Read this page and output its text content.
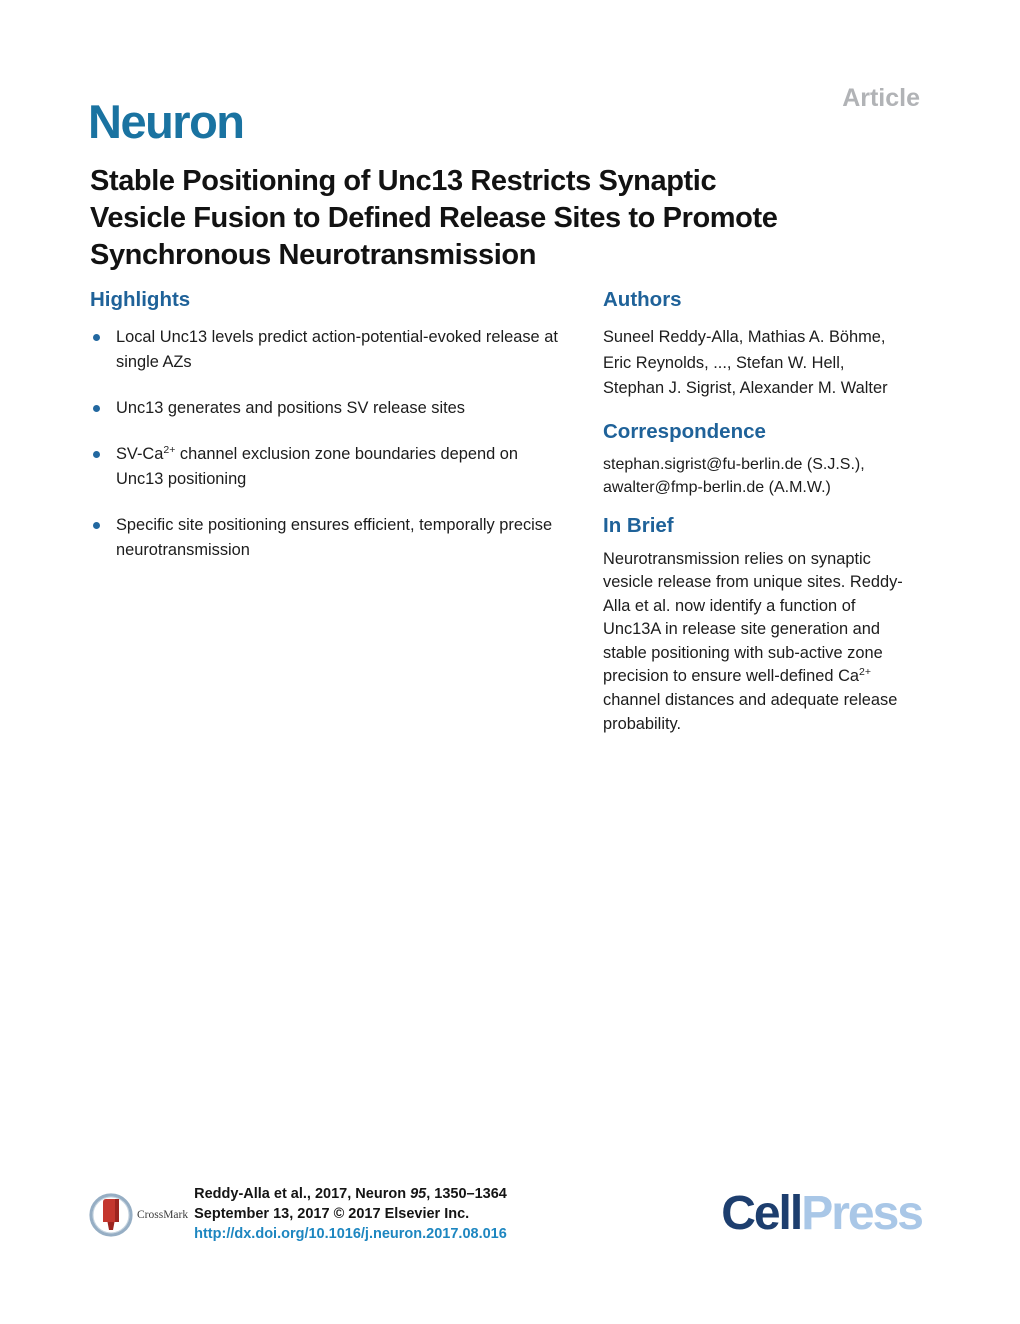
Article
Neuron
Stable Positioning of Unc13 Restricts Synaptic
Vesicle Fusion to Defined Release Sites to Promote
Synchronous Neurotransmission
Highlights
Local Unc13 levels predict action-potential-evoked release at
single AZs
Unc13 generates and positions SV release sites
$SV-Ca^{2+}$ channel exclusion zone boundaries depend on
Unc13 positioning
Specific site positioning ensures efficient, temporally precise
neurotransmission
Authors
Suneel Reddy-Alla, Mathias A. Böhme,
Eric Reynolds, ..., Stefan W. Hell,
Stephan J. Sigrist, Alexander M. Walter
Correspondence
stephan.sigrist@fu-berlin.de (S.J.S.),
awalter@fmp-berlin.de (A.M.W.)
In Brief
Neurotransmission relies on synaptic
vesicle release from unique sites. Reddy-
Alla et al. now identify a function of
Unc13A in release site generation and
stable positioning with sub-active zone
precision to ensure well-defined $Ca^{2+}$
channel distances and adequate release
probability.
CrossMark
Reddy-Alla et al., 2017, Neuron 95, 1350–1364
September 13, 2017 © 2017 Elsevier Inc.
http://dx.doi.org/10.1016/j.neuron.2017.08.016	CellPress
